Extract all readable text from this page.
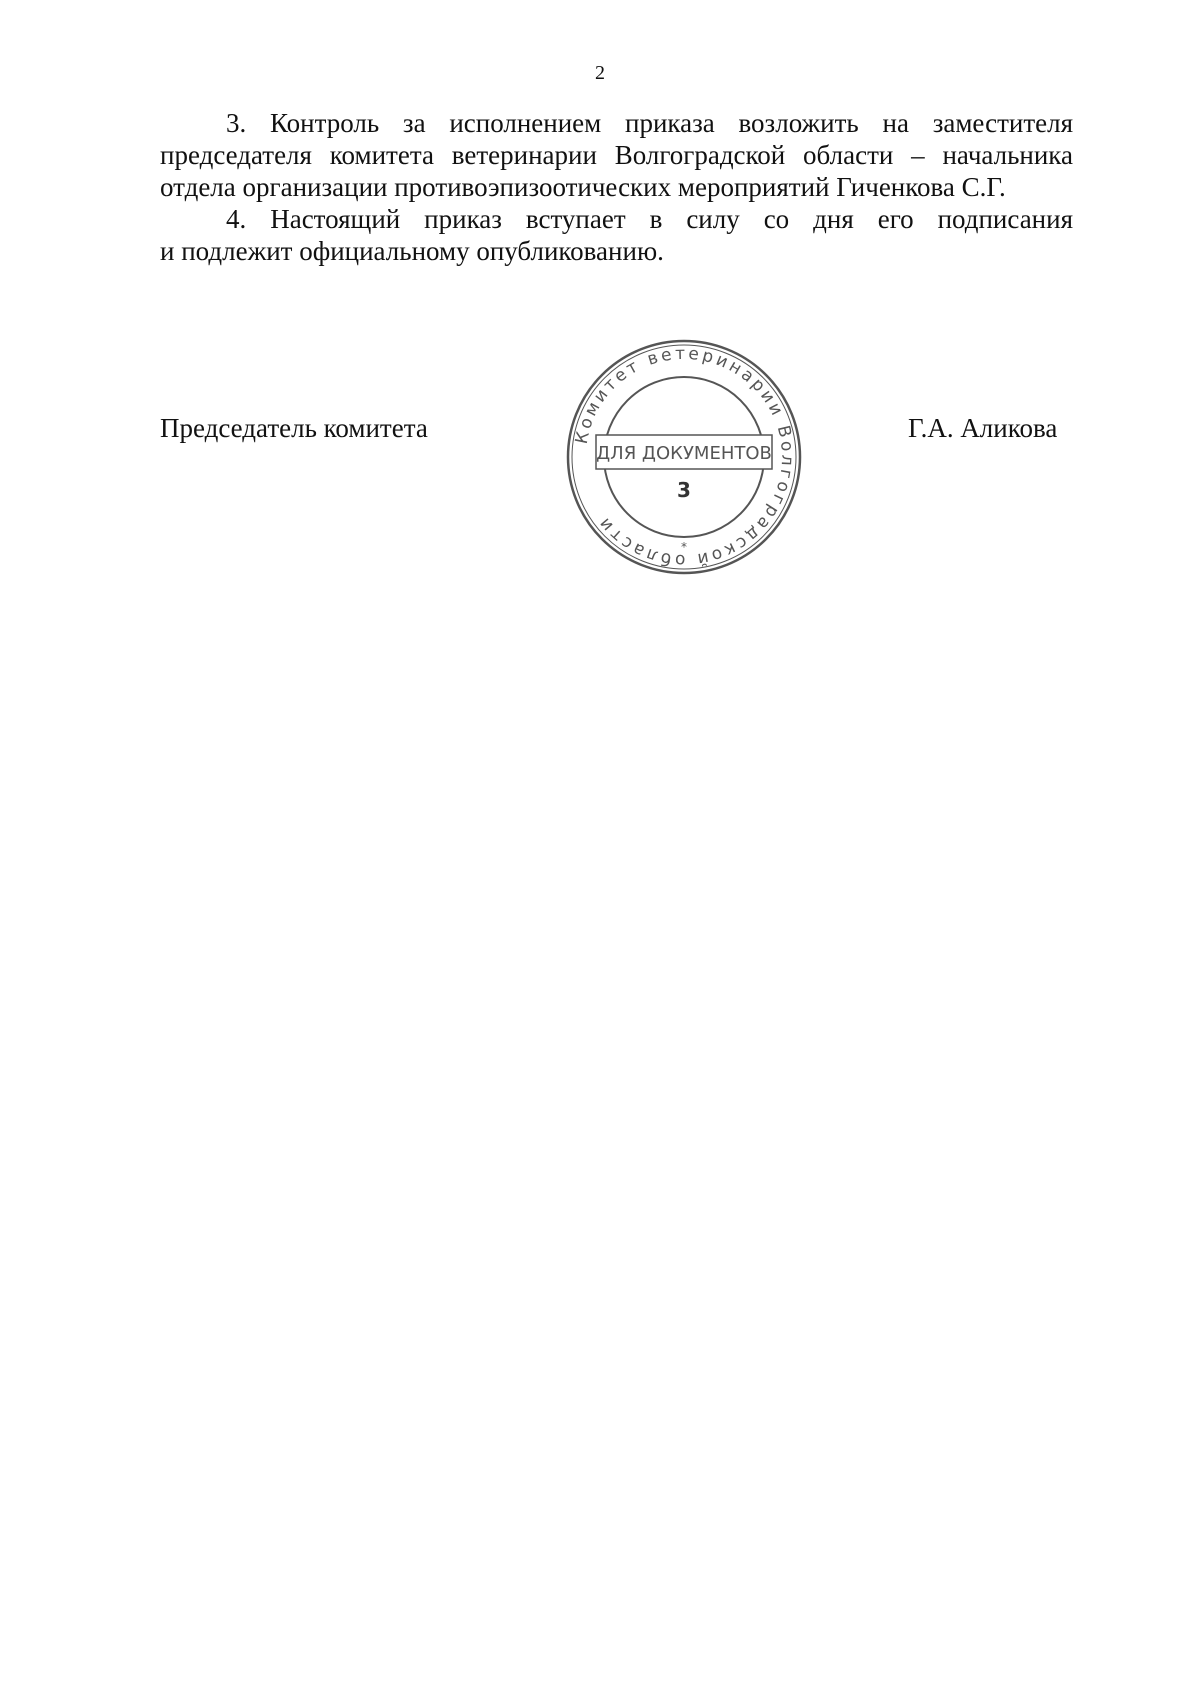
2

3. Контроль за исполнением приказа возложить на заместителя
председателя комитета ветеринарии Волгоградской области – начальника
отдела организации противоэпизоотических мероприятий Гиченкова С.Г.

4. Настоящий приказ вступает в силу со дня его подписания
и подлежит официальному опубликованию.

Председатель комитета	Комитет ветеринарии Волгоградской области
ДЛЯ ДОКУМЕНТОВ
3
*
Г.А. Аликова
